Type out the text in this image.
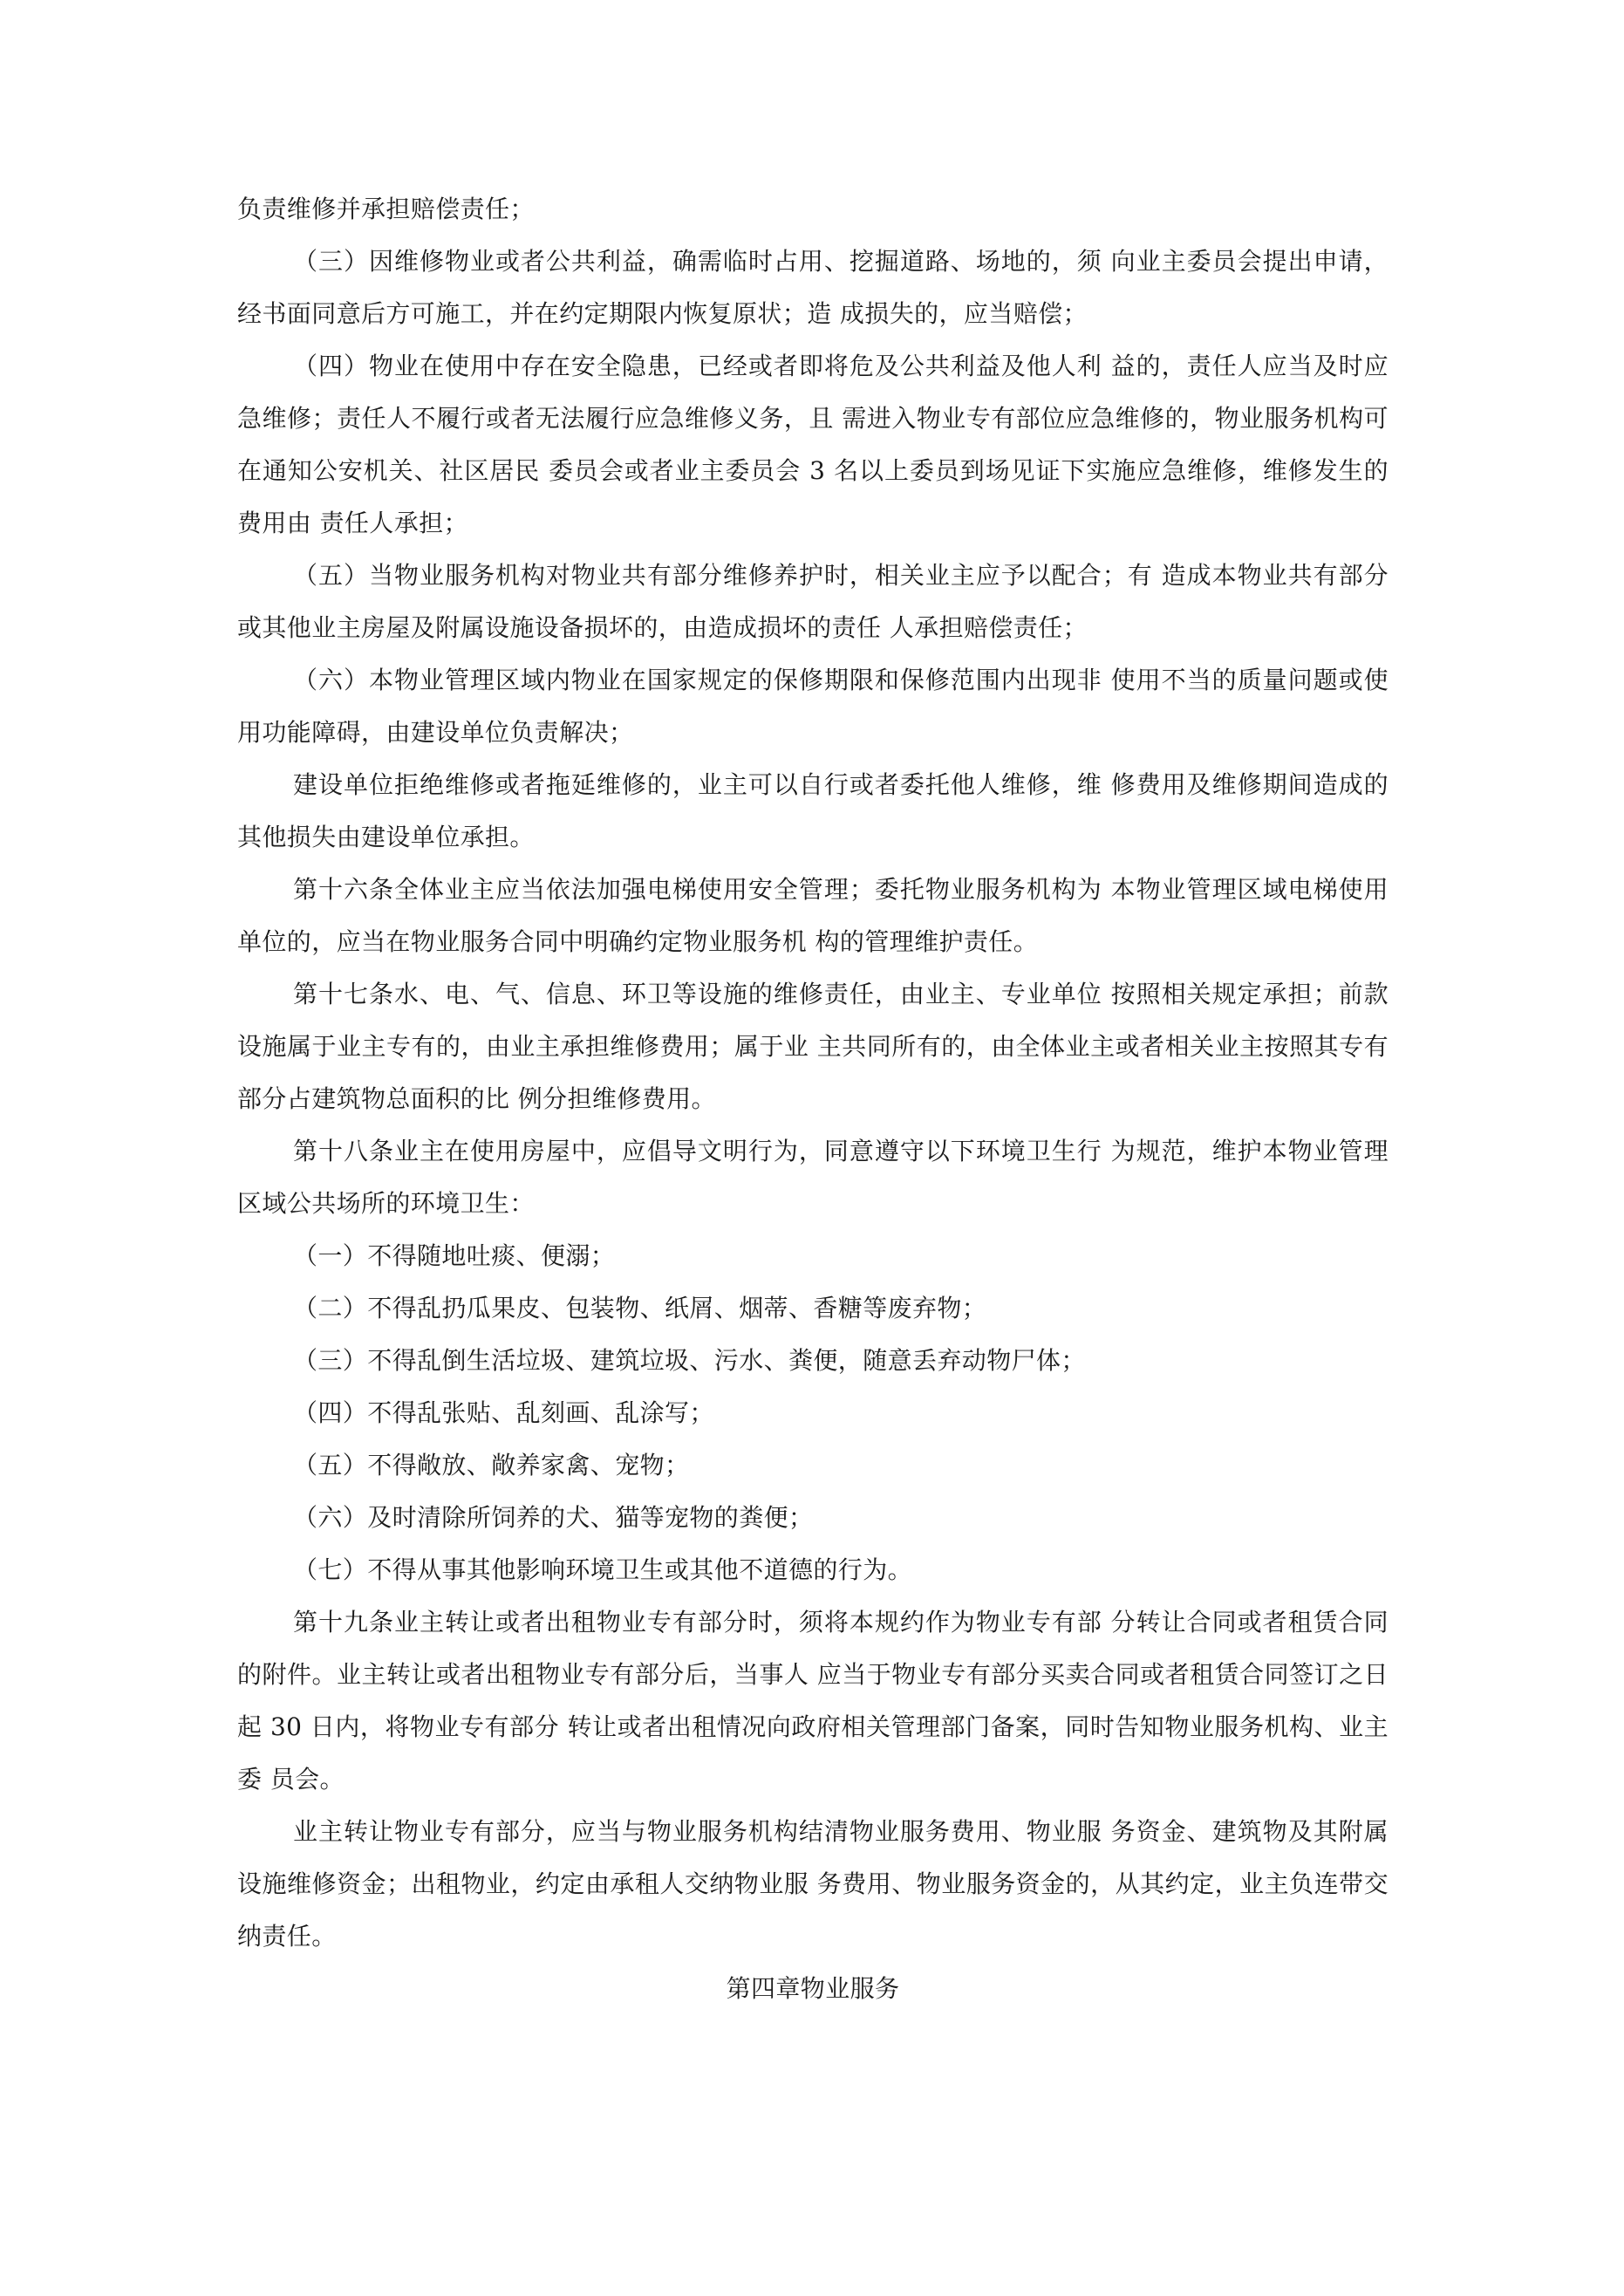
负责维修并承担赔偿责任；

（三）因维修物业或者公共利益，确需临时占用、挖掘道路、场地的，须 向业主委员会提出申请，经书面同意后方可施工，并在约定期限内恢复原状；造 成损失的，应当赔偿；

（四）物业在使用中存在安全隐患，已经或者即将危及公共利益及他人利 益的，责任人应当及时应急维修；责任人不履行或者无法履行应急维修义务，且 需进入物业专有部位应急维修的，物业服务机构可在通知公安机关、社区居民 委员会或者业主委员会 3 名以上委员到场见证下实施应急维修，维修发生的费用由 责任人承担；

（五）当物业服务机构对物业共有部分维修养护时，相关业主应予以配合；有 造成本物业共有部分或其他业主房屋及附属设施设备损坏的，由造成损坏的责任 人承担赔偿责任；

（六）本物业管理区域内物业在国家规定的保修期限和保修范围内出现非 使用不当的质量问题或使用功能障碍，由建设单位负责解决；

建设单位拒绝维修或者拖延维修的，业主可以自行或者委托他人维修，维 修费用及维修期间造成的其他损失由建设单位承担。

第十六条全体业主应当依法加强电梯使用安全管理；委托物业服务机构为 本物业管理区域电梯使用单位的，应当在物业服务合同中明确约定物业服务机 构的管理维护责任。

第十七条水、电、气、信息、环卫等设施的维修责任，由业主、专业单位 按照相关规定承担；前款设施属于业主专有的，由业主承担维修费用；属于业 主共同所有的，由全体业主或者相关业主按照其专有部分占建筑物总面积的比 例分担维修费用。

第十八条业主在使用房屋中，应倡导文明行为，同意遵守以下环境卫生行 为规范，维护本物业管理区域公共场所的环境卫生：

（一）不得随地吐痰、便溺；

（二）不得乱扔瓜果皮、包装物、纸屑、烟蒂、香糖等废弃物；

（三）不得乱倒生活垃圾、建筑垃圾、污水、粪便，随意丢弃动物尸体；

（四）不得乱张贴、乱刻画、乱涂写；

（五）不得敞放、敞养家禽、宠物；

（六）及时清除所饲养的犬、猫等宠物的粪便；

（七）不得从事其他影响环境卫生或其他不道德的行为。

第十九条业主转让或者出租物业专有部分时，须将本规约作为物业专有部 分转让合同或者租赁合同的附件。业主转让或者出租物业专有部分后，当事人 应当于物业专有部分买卖合同或者租赁合同签订之日起 30 日内，将物业专有部分 转让或者出租情况向政府相关管理部门备案，同时告知物业服务机构、业主委 员会。

业主转让物业专有部分，应当与物业服务机构结清物业服务费用、物业服 务资金、建筑物及其附属设施维修资金；出租物业，约定由承租人交纳物业服 务费用、物业服务资金的，从其约定，业主负连带交纳责任。

第四章物业服务
